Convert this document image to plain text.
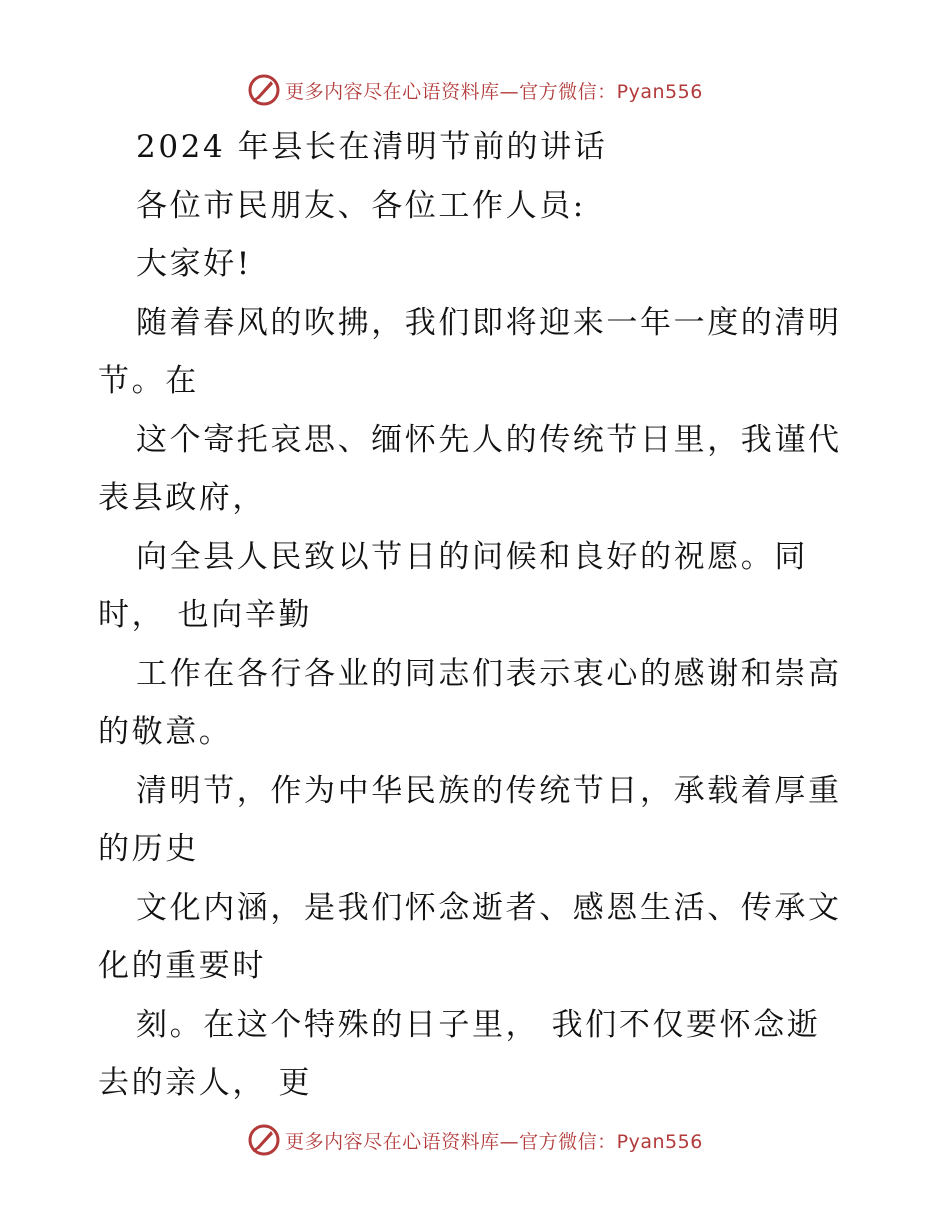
更多内容尽在心语资料库—官方微信：Pyan556
2024 年县长在清明节前的讲话
各位市民朋友、各位工作人员:
大家好!
随着春风的吹拂，我们即将迎来一年一度的清明
节。在
这个寄托哀思、缅怀先人的传统节日里，我谨代
表县政府，
向全县人民致以节日的问候和良好的祝愿。同
时， 也向辛勤
工作在各行各业的同志们表示衷心的感谢和崇高
的敬意。
清明节，作为中华民族的传统节日，承载着厚重
的历史
文化内涵，是我们怀念逝者、感恩生活、传承文
化的重要时
刻。在这个特殊的日子里， 我们不仅要怀念逝
去的亲人， 更
更多内容尽在心语资料库—官方微信：Pyan556
